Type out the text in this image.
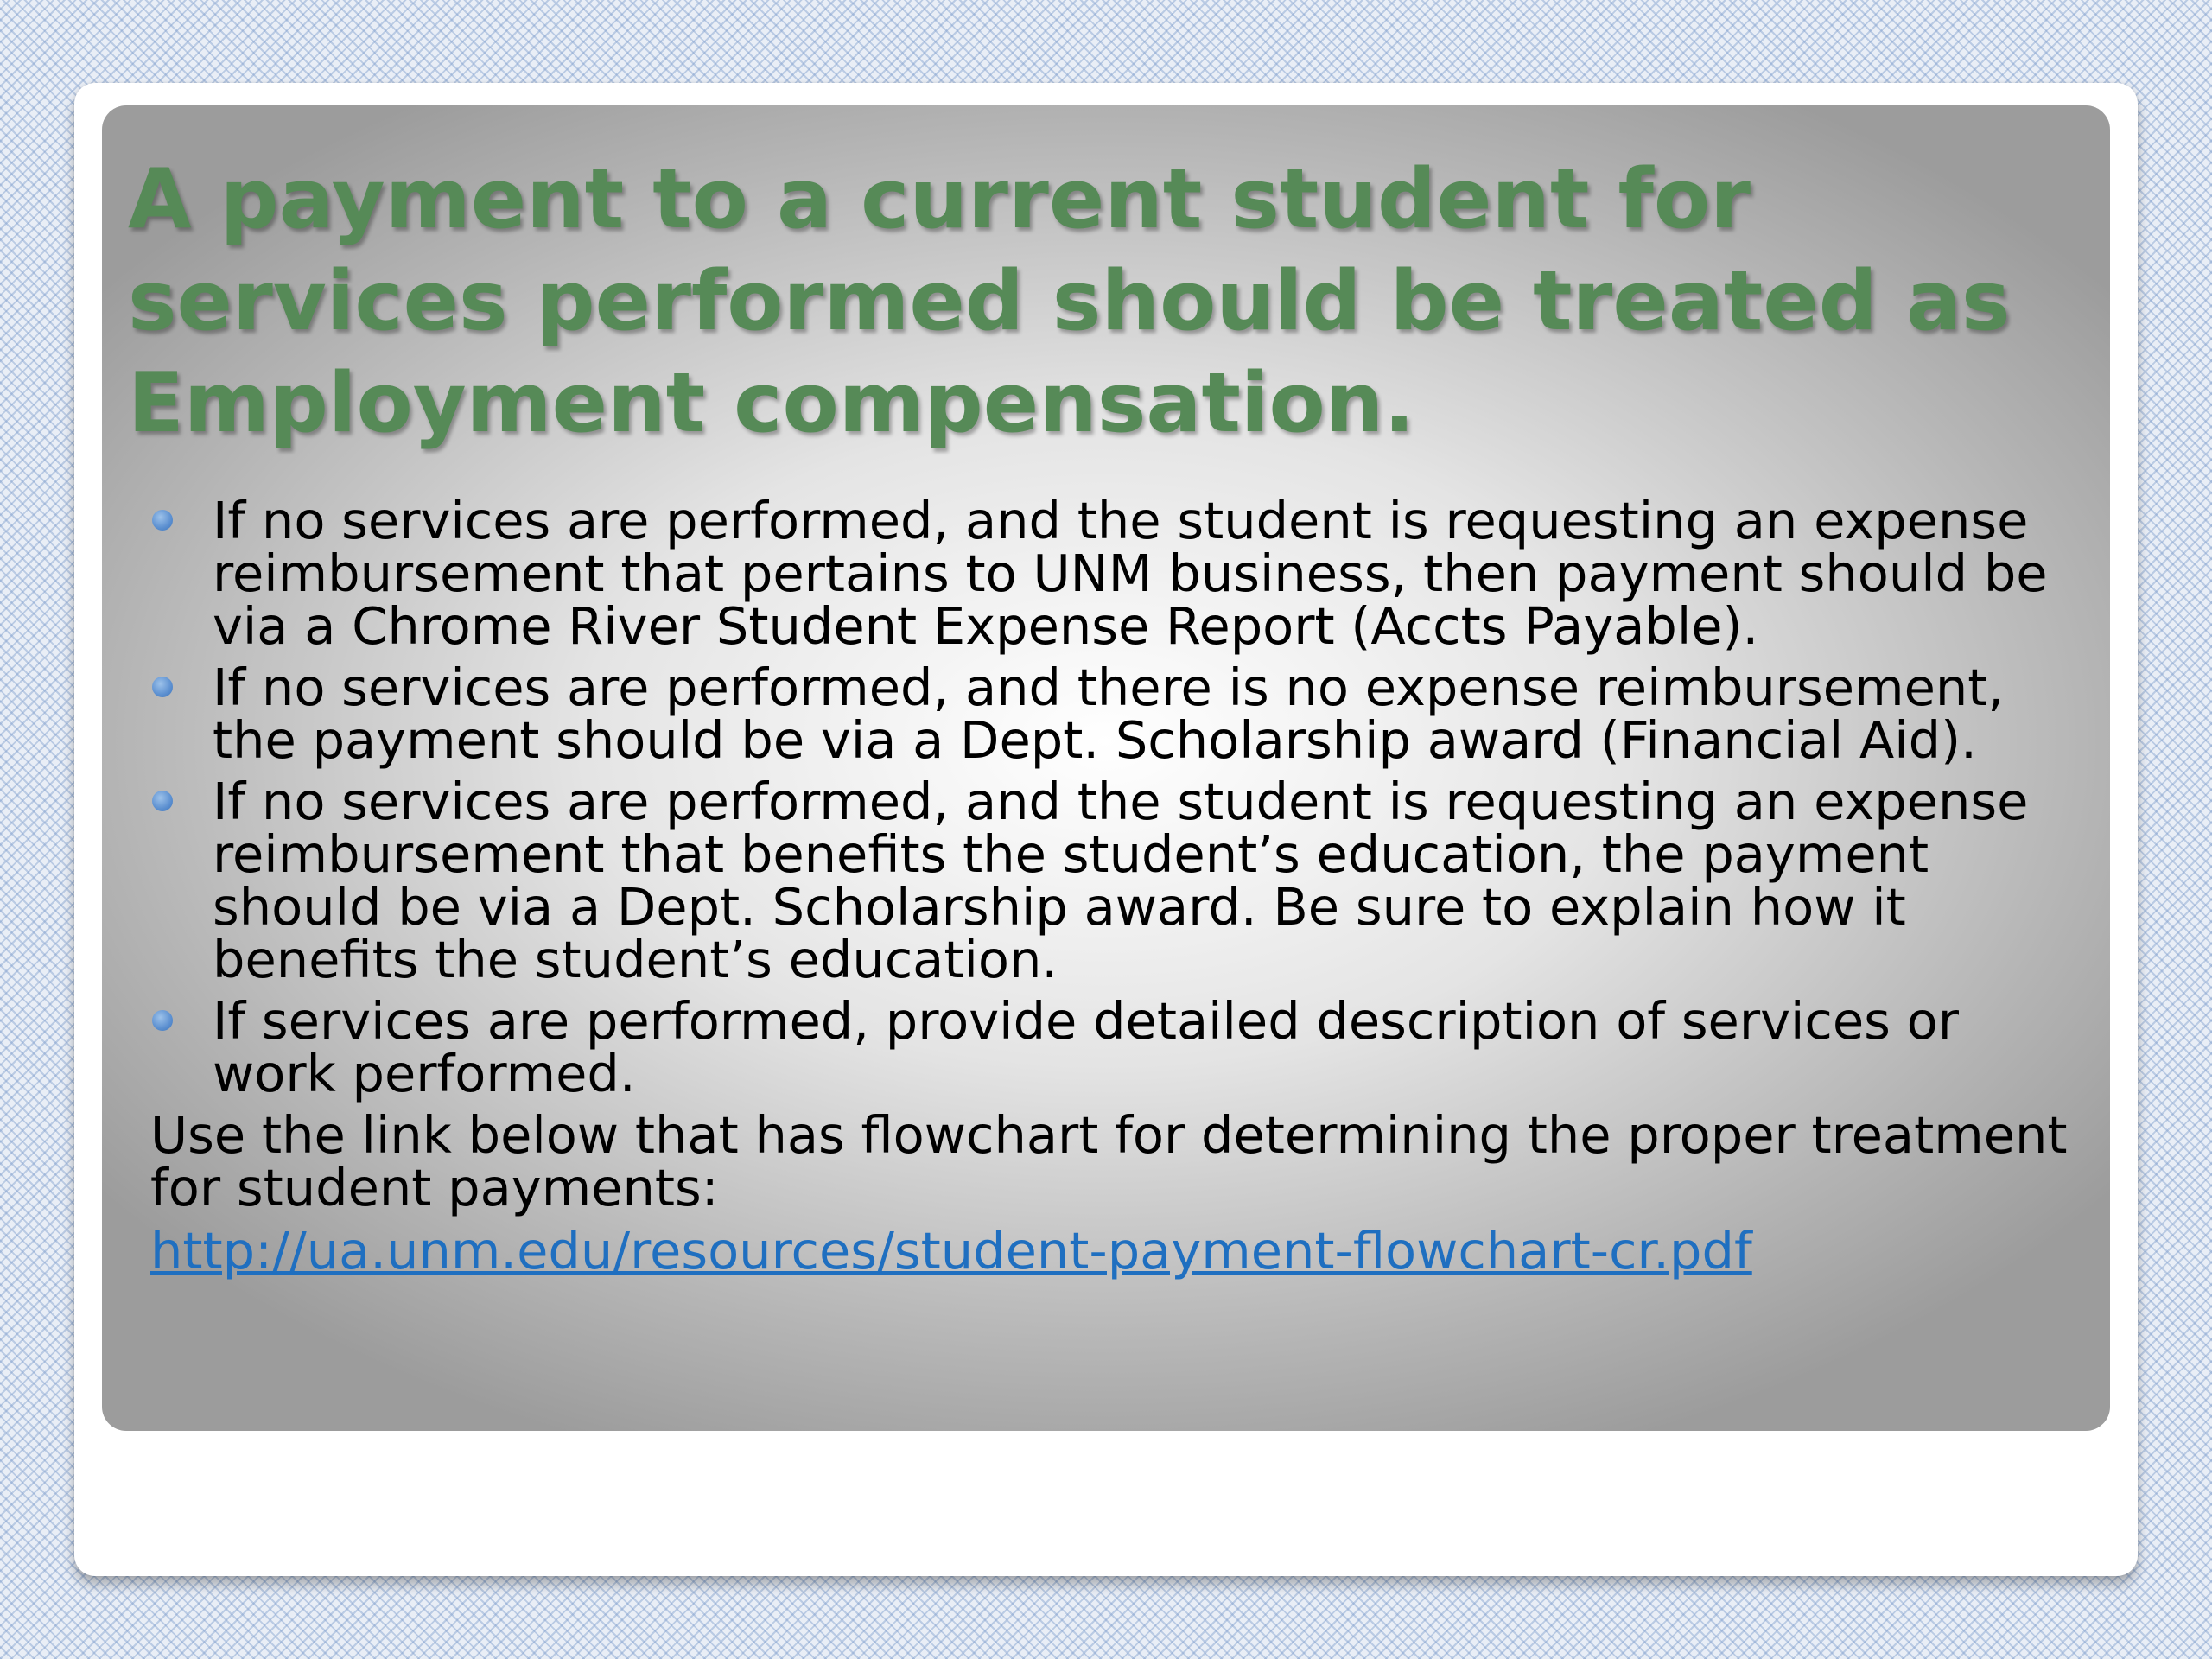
A payment to a current student for services performed should be treated as Employment compensation.
If no services are performed, and the student is requesting an expense reimbursement that pertains to UNM business, then payment should be via a Chrome River Student Expense Report (Accts Payable).
If no services are performed, and there is no expense reimbursement, the payment should be via a Dept. Scholarship award (Financial Aid).
If no services are performed, and the student is requesting an expense reimbursement that benefits the student’s education, the payment should be via a Dept. Scholarship award. Be sure to explain how it benefits the student’s education.
If services are performed, provide detailed description of services or work performed.

Use the link below that has flowchart for determining the proper treatment for student payments:

http://ua.unm.edu/resources/student-payment-flowchart-cr.pdf
